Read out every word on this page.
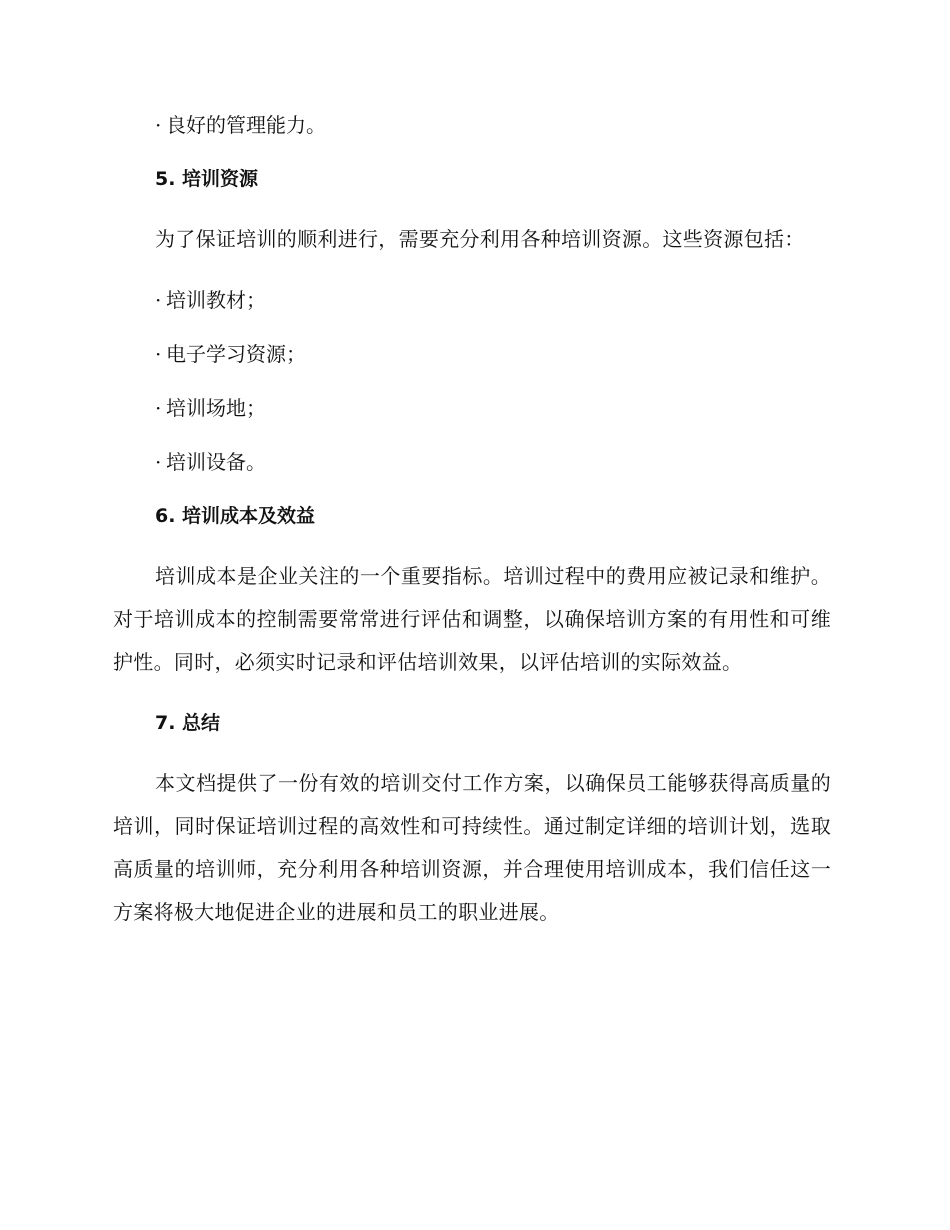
· 良好的管理能力。

5. 培训资源

为了保证培训的顺利进行，需要充分利用各种培训资源。这些资源包括：

· 培训教材；

· 电子学习资源；

· 培训场地；

· 培训设备。

6. 培训成本及效益

培训成本是企业关注的一个重要指标。培训过程中的费用应被记录和维护。对于培训成本的控制需要常常进行评估和调整，以确保培训方案的有用性和可维护性。同时，必须实时记录和评估培训效果，以评估培训的实际效益。

7. 总结

本文档提供了一份有效的培训交付工作方案，以确保员工能够获得高质量的培训，同时保证培训过程的高效性和可持续性。通过制定详细的培训计划，选取高质量的培训师，充分利用各种培训资源，并合理使用培训成本，我们信任这一方案将极大地促进企业的进展和员工的职业进展。
